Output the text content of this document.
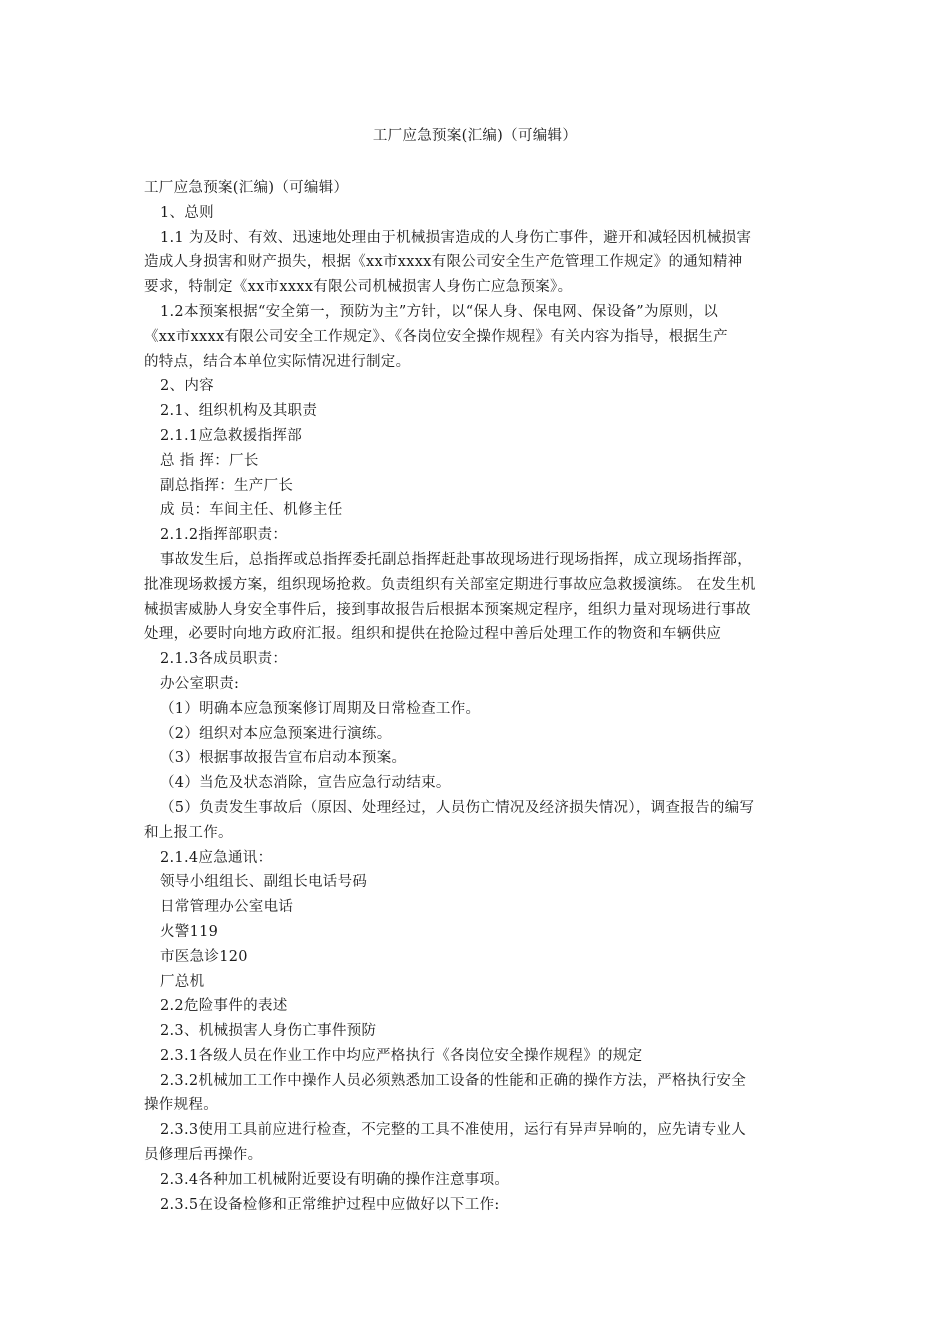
工厂应急预案(汇编)（可编辑）
工厂应急预案(汇编)（可编辑）
1、总则
1.1 为及时、有效、迅速地处理由于机械损害造成的人身伤亡事件，避开和减轻因机械损害
造成人身损害和财产损失，根据《xx市xxxx有限公司安全生产危管理工作规定》的通知精神
要求，特制定《xx市xxxx有限公司机械损害人身伤亡应急预案》。
1.2本预案根据“安全第一，预防为主”方针，以“保人身、保电网、保设备”为原则，以
《xx市xxxx有限公司安全工作规定》、《各岗位安全操作规程》有关内容为指导，根据生产
的特点，结合本单位实际情况进行制定。
2、内容
2.1、组织机构及其职责
2.1.1应急救援指挥部
总 指 挥：厂长
副总指挥：生产厂长
成 员：车间主任、机修主任
2.1.2指挥部职责：
事故发生后，总指挥或总指挥委托副总指挥赶赴事故现场进行现场指挥，成立现场指挥部，
批准现场救援方案，组织现场抢救。负责组织有关部室定期进行事故应急救援演练。 在发生机
械损害威胁人身安全事件后，接到事故报告后根据本预案规定程序，组织力量对现场进行事故
处理，必要时向地方政府汇报。组织和提供在抢险过程中善后处理工作的物资和车辆供应
2.1.3各成员职责：
办公室职责:
（1）明确本应急预案修订周期及日常检查工作。
（2）组织对本应急预案进行演练。
（3）根据事故报告宣布启动本预案。
（4）当危及状态消除，宣告应急行动结束。
（5）负责发生事故后（原因、处理经过，人员伤亡情况及经济损失情况），调查报告的编写
和上报工作。
2.1.4应急通讯：
领导小组组长、副组长电话号码
日常管理办公室电话
火警119
市医急诊120
厂总机
2.2危险事件的表述
2.3、机械损害人身伤亡事件预防
2.3.1各级人员在作业工作中均应严格执行《各岗位安全操作规程》的规定
2.3.2机械加工工作中操作人员必须熟悉加工设备的性能和正确的操作方法，严格执行安全
操作规程。
2.3.3使用工具前应进行检查，不完整的工具不准使用，运行有异声异响的，应先请专业人
员修理后再操作。
2.3.4各种加工机械附近要设有明确的操作注意事项。
2.3.5在设备检修和正常维护过程中应做好以下工作:
